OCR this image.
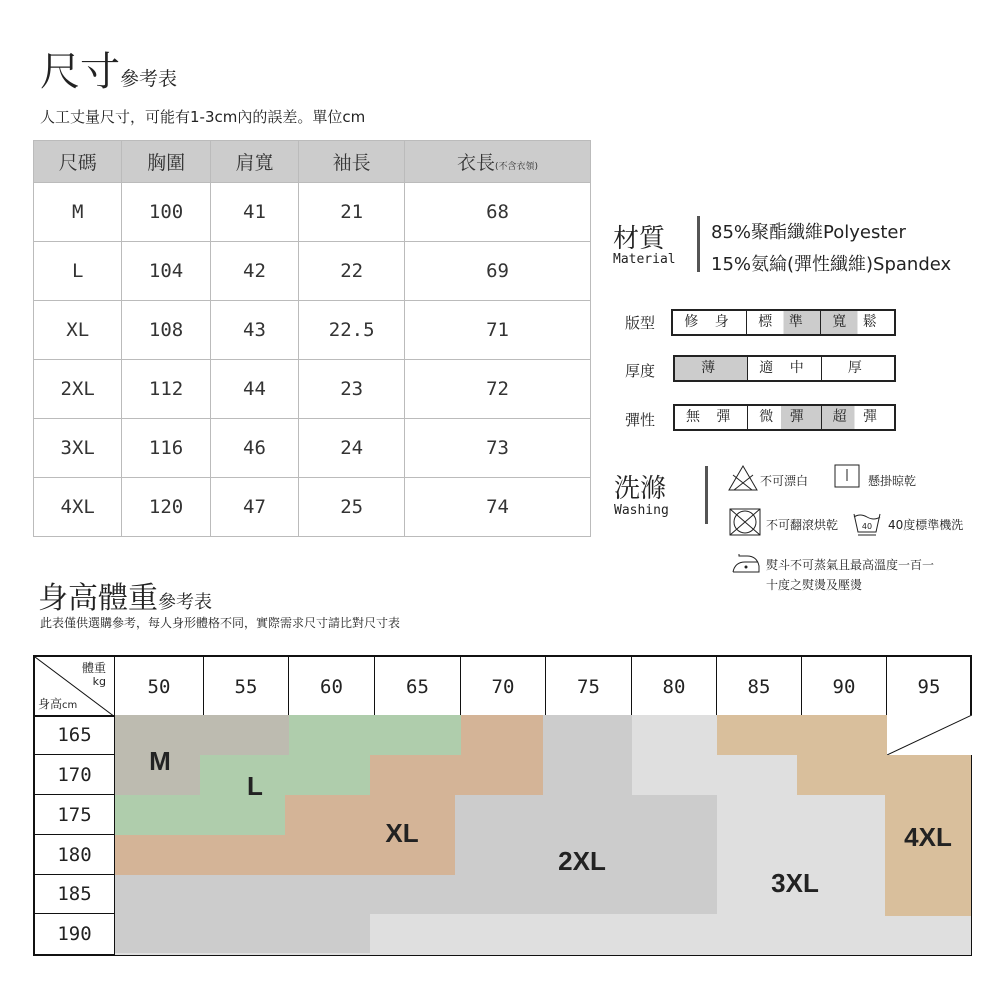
尺寸參考表
人工丈量尺寸，可能有1-3cm內的誤差。單位cm
尺碼	胸圍	肩寬	袖長	衣長(不含衣領)
M	100	41	21	68
L	104	42	22	69
XL	108	43	22.5	71
2XL	112	44	23	72
3XL	116	46	24	73
4XL	120	47	25	74
材質
Material
85%聚酯纖維Polyester
15%氨綸(彈性纖維)Spandex
版型	修 身	標 準	寬 鬆
厚度	薄	適 中	厚
彈性	無 彈	微 彈	超 彈
洗滌
Washing
不可漂白	懸掛晾乾
不可翻滾烘乾	40 40度標準機洗
熨斗不可蒸氣且最高溫度一百一
十度之熨燙及壓燙
身高體重參考表
此表僅供選購參考，每人身形體格不同，實際需求尺寸請比對尺寸表
體重
kg
身高cm
50	55	60	65	70	75	80	85	90	95
165
170
175
180
185
190
M
L
XL
2XL
3XL
4XL
